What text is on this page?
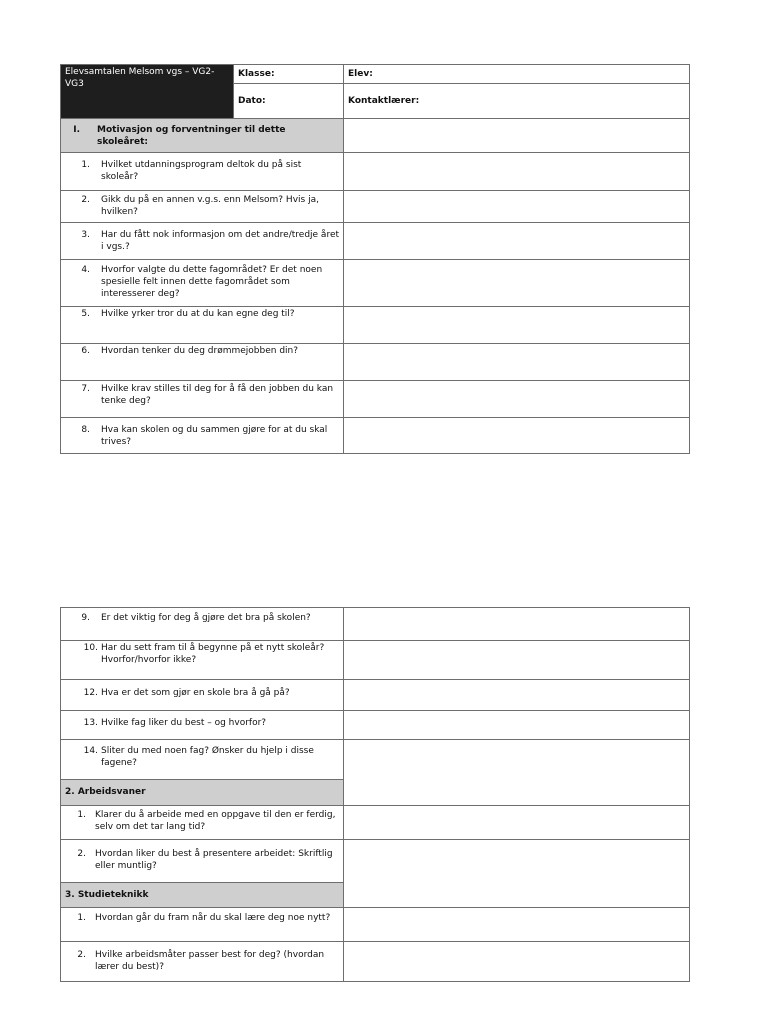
Elevsamtalen Melsom vgs – VG2-VG3	Klasse:	Elev:
	Dato:	Kontaktlærer:

I. Motivasjon og forventninger til dette skoleåret:		

1. Hvilket utdanningsprogram deltok du på sist skoleår?		

2. Gikk du på en annen v.g.s. enn Melsom? Hvis ja, hvilken?		

3. Har du fått nok informasjon om det andre/tredje året i vgs.?		

4. Hvorfor valgte du dette fagområdet? Er det noen spesielle felt innen dette fagområdet som interesserer deg?		

5. Hvilke yrker tror du at du kan egne deg til?		

6. Hvordan tenker du deg drømmejobben din?		

7. Hvilke krav stilles til deg for å få den jobben du kan tenke deg?		

8. Hva kan skolen og du sammen gjøre for at du skal trives?		

9. Er det viktig for deg å gjøre det bra på skolen?	

10. Har du sett fram til å begynne på et nytt skoleår? Hvorfor/hvorfor ikke?	

12. Hva er det som gjør en skole bra å gå på?	

13. Hvilke fag liker du best – og hvorfor?	

14. Sliter du med noen fag? Ønsker du hjelp i disse fagene?	

2. Arbeidsvaner	

1. Klarer du å arbeide med en oppgave til den er ferdig, selv om det tar lang tid?	

2. Hvordan liker du best å presentere arbeidet: Skriftlig eller muntlig?	

3. Studieteknikk	

1. Hvordan går du fram når du skal lære deg noe nytt?	

2. Hvilke arbeidsmåter passer best for deg? (hvordan lærer du best)?	
